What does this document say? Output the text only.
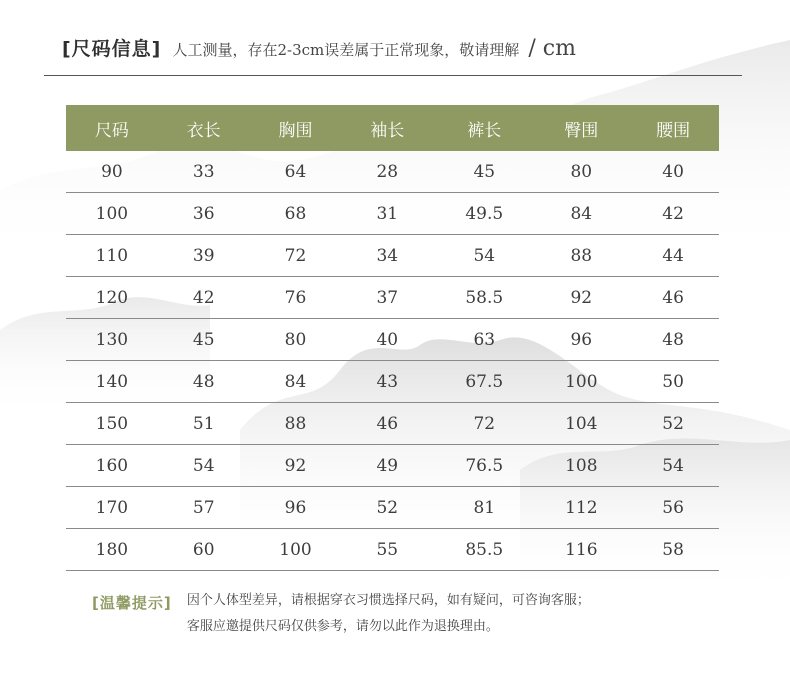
[尺码信息] 人工测量，存在2-3cm误差属于正常现象，敬请理解 / cm
尺码	衣长	胸围	袖长	裤长	臀围	腰围
90	33	64	28	45	80	40
100	36	68	31	49.5	84	42
110	39	72	34	54	88	44
120	42	76	37	58.5	92	46
130	45	80	40	63	96	48
140	48	84	43	67.5	100	50
150	51	88	46	72	104	52
160	54	92	49	76.5	108	54
170	57	96	52	81	112	56
180	60	100	55	85.5	116	58
[温馨提示] 因个人体型差异，请根据穿衣习惯选择尺码，如有疑问，可咨询客服；
客服应邀提供尺码仅供参考，请勿以此作为退换理由。
